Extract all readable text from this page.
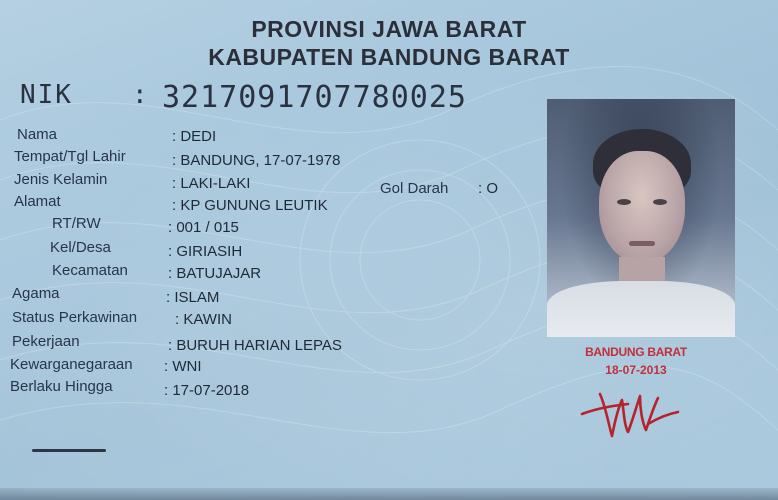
PROVINSI JAWA BARAT
KABUPATEN BANDUNG BARAT
NIK : 3217091707780025
Nama	: DEDI
Tempat/Tgl Lahir	: BANDUNG, 17-07-1978
Jenis Kelamin	: LAKI-LAKI	Gol Darah : O
Alamat	: KP GUNUNG LEUTIK
RT/RW	: 001 / 015
Kel/Desa	: GIRIASIH
Kecamatan	: BATUJAJAR
Agama	: ISLAM
Status Perkawinan	: KAWIN
Pekerjaan	: BURUH HARIAN LEPAS
Kewarganegaraan : WNI
Berlaku Hingga	: 17-07-2018
BANDUNG BARAT
18-07-2013
